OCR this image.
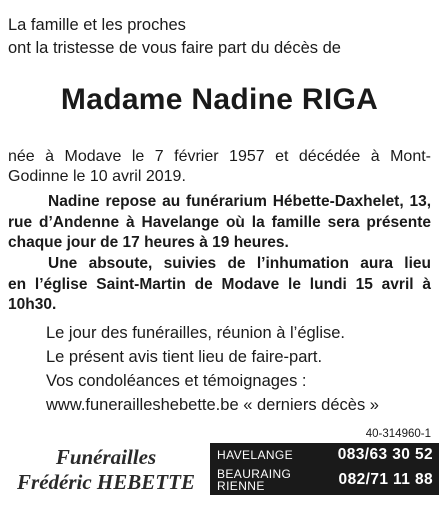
La famille et les proches
ont la tristesse de vous faire part du décès de
Madame Nadine RIGA
née à Modave le 7 février 1957 et décédée à Mont-
Godinne le 10 avril 2019.
Nadine repose au funérarium Hébette-Daxhelet, 13,
rue d’Andenne à Havelange où la famille sera présente
chaque jour de 17 heures à 19 heures.
Une absoute, suivies de l’inhumation aura lieu
en l’église Saint-Martin de Modave le lundi 15 avril à
10h30.
Le jour des funérailles, réunion à l’église.
Le présent avis tient lieu de faire-part.
Vos condoléances et témoignages :
www.funerailleshebette.be « derniers décès »
40-314960-1
Funérailles
Frédéric HEBETTE
HAVELANGE	083/63 30 52
BEAURAING
RIENNE	082/71 11 88
